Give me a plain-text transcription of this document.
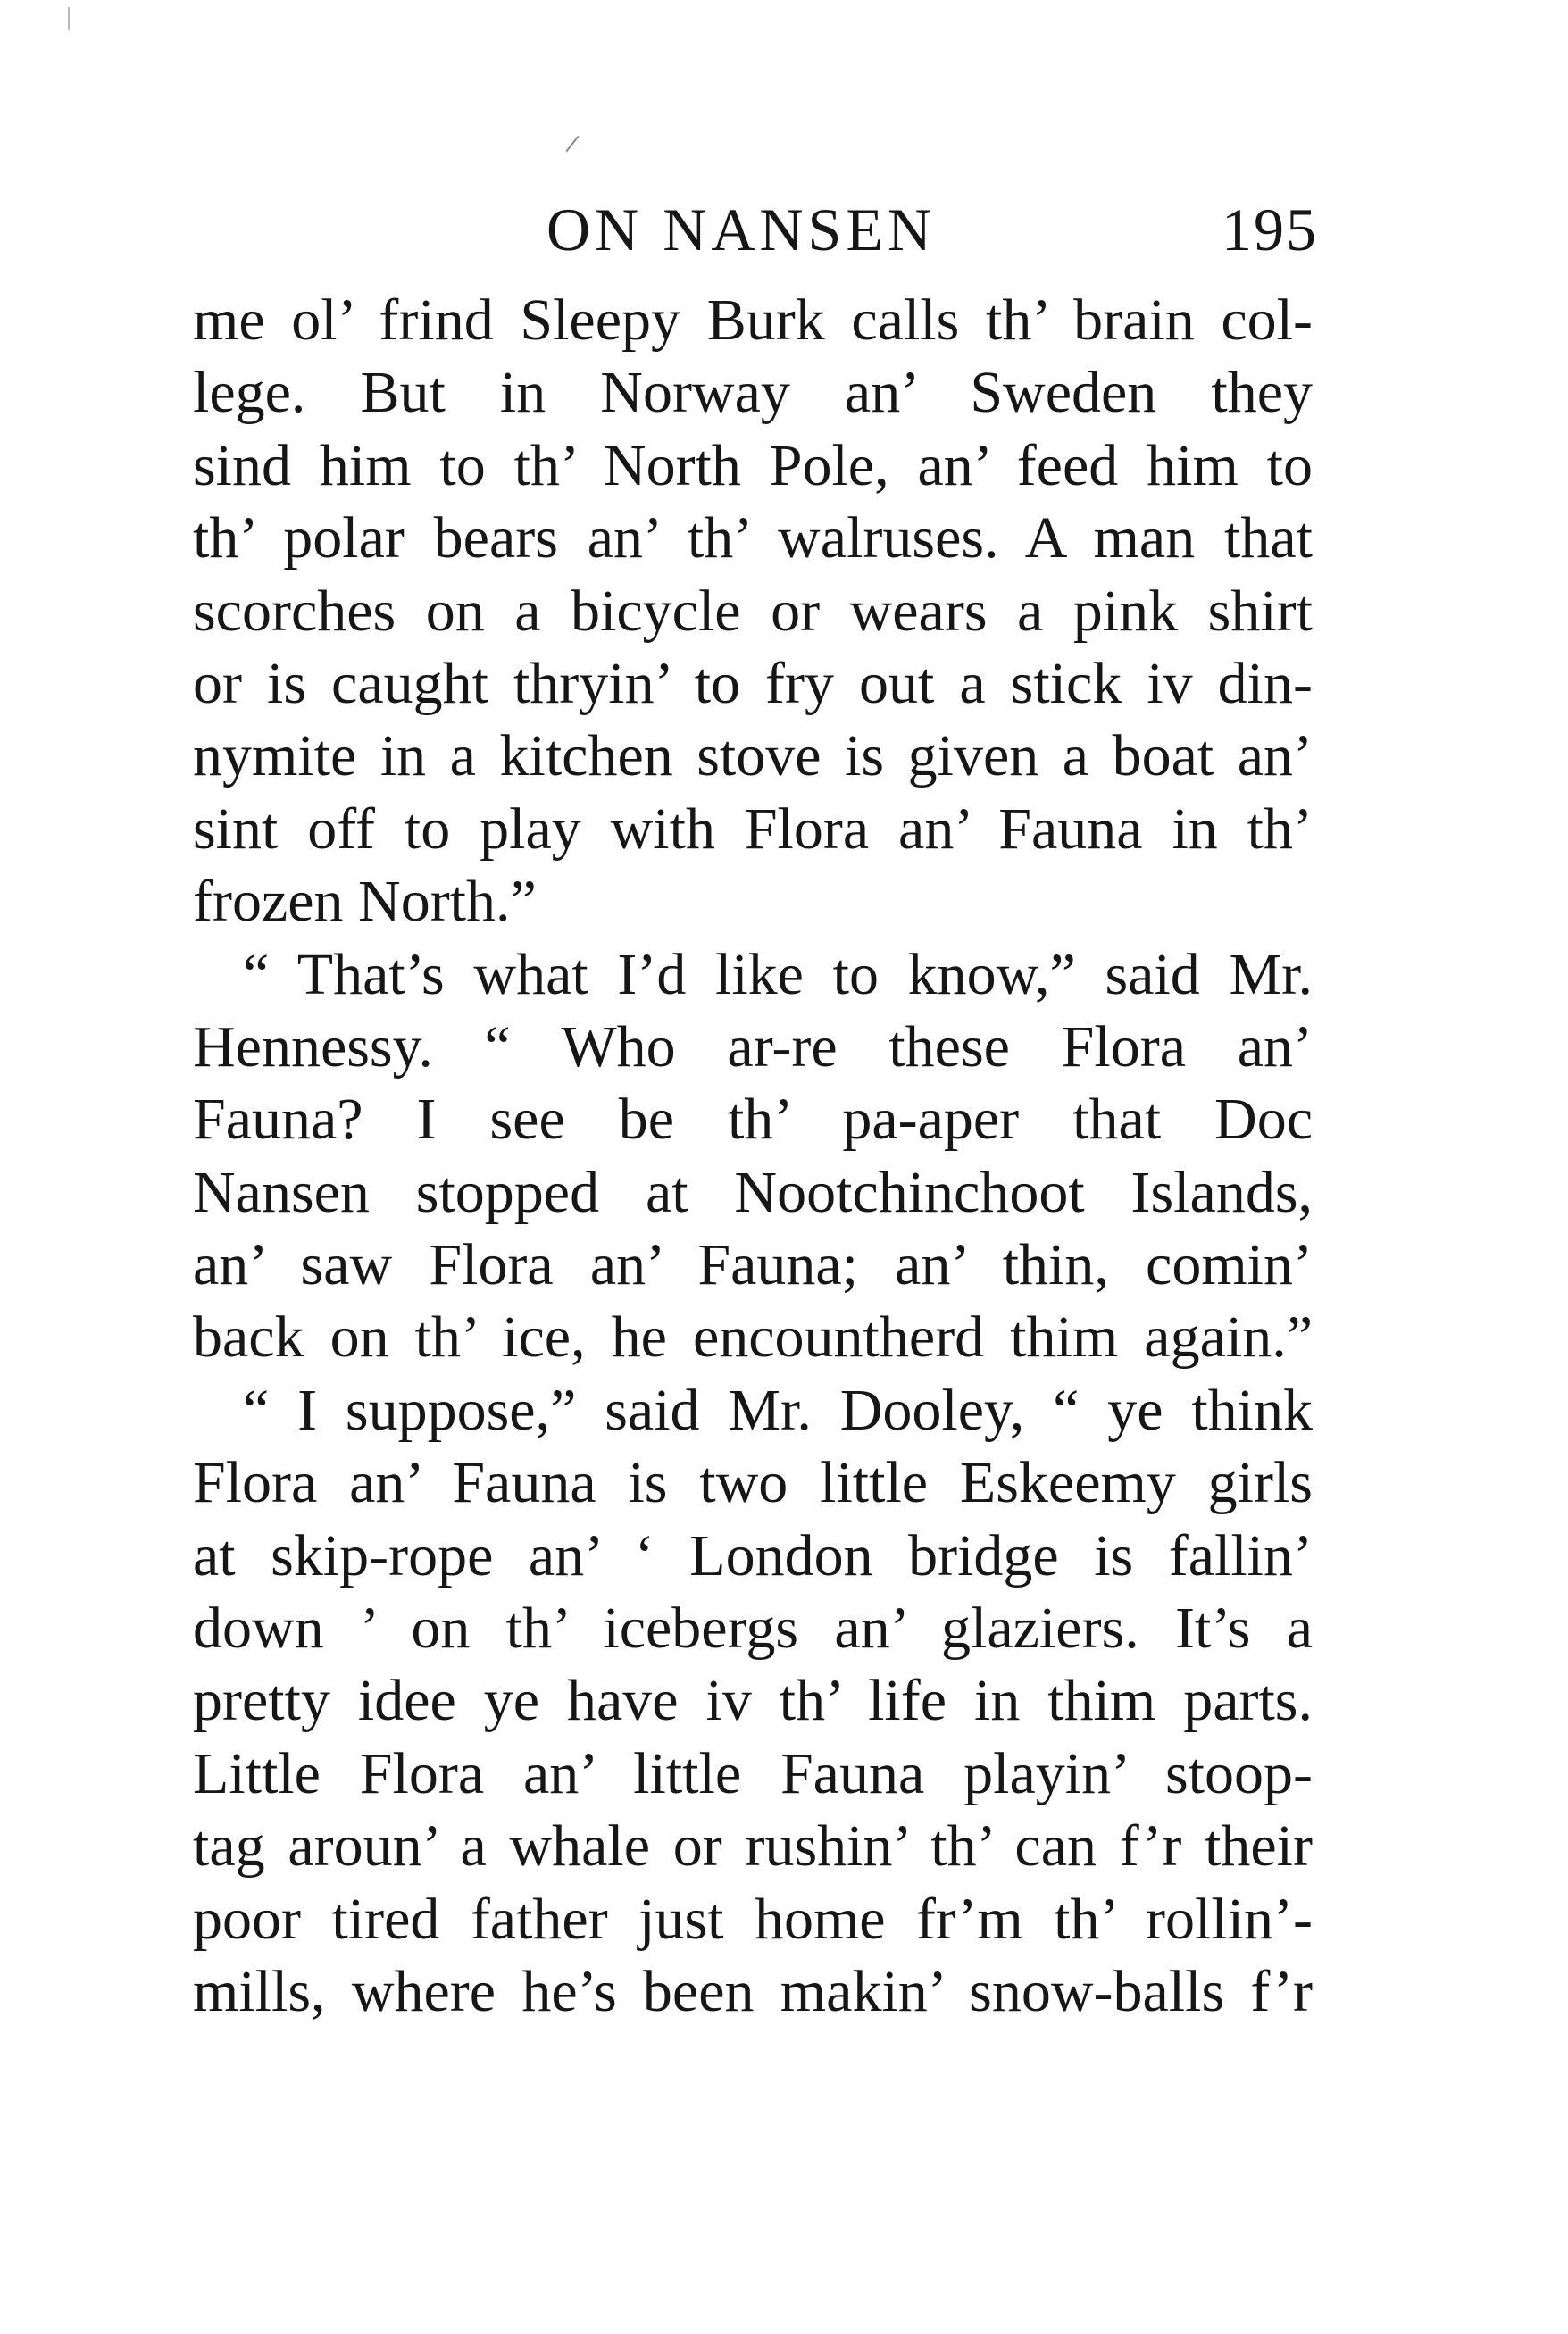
ON NANSEN	195
me ol’ frind Sleepy Burk calls th’ brain col-
lege. But in Norway an’ Sweden they
sind him to th’ North Pole, an’ feed him to
th’ polar bears an’ th’ walruses. A man that
scorches on a bicycle or wears a pink shirt
or is caught thryin’ to fry out a stick iv din-
nymite in a kitchen stove is given a boat an’
sint off to play with Flora an’ Fauna in th’
frozen North.”
“ That’s what I’d like to know,” said Mr.
Hennessy. “ Who ar-re these Flora an’
Fauna? I see be th’ pa-aper that Doc
Nansen stopped at Nootchinchoot Islands,
an’ saw Flora an’ Fauna; an’ thin, comin’
back on th’ ice, he encountherd thim again.”
“ I suppose,” said Mr. Dooley, “ ye think
Flora an’ Fauna is two little Eskeemy girls
at skip-rope an’ ‘ London bridge is fallin’
down ’ on th’ icebergs an’ glaziers. It’s a
pretty idee ye have iv th’ life in thim parts.
Little Flora an’ little Fauna playin’ stoop-
tag aroun’ a whale or rushin’ th’ can f’r their
poor tired father just home fr’m th’ rollin’-
mills, where he’s been makin’ snow-balls f’r
